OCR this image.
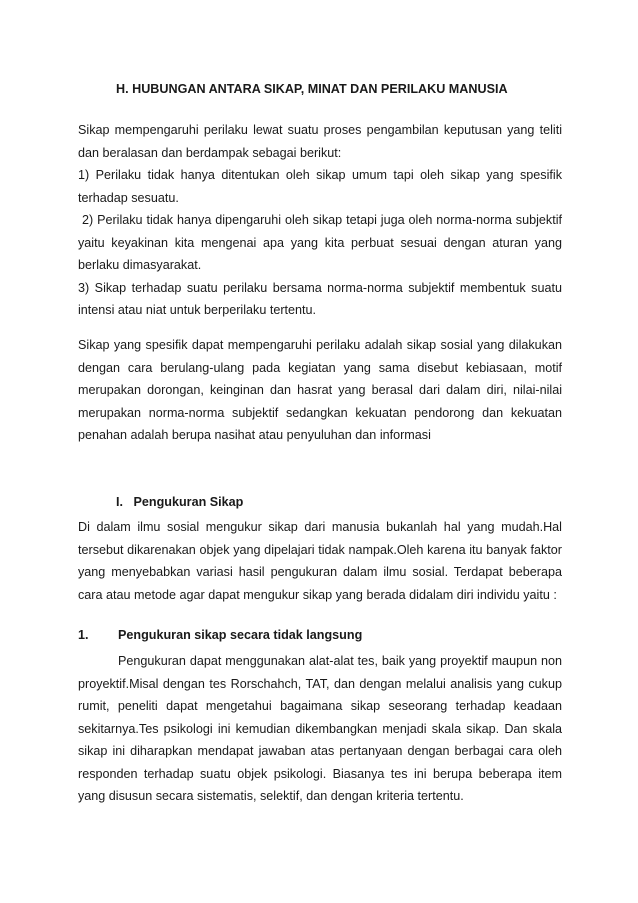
H. HUBUNGAN ANTARA SIKAP, MINAT DAN PERILAKU MANUSIA

Sikap mempengaruhi perilaku lewat suatu proses pengambilan keputusan yang teliti dan beralasan dan berdampak sebagai berikut:

1) Perilaku tidak hanya ditentukan oleh sikap umum tapi oleh sikap yang spesifik terhadap sesuatu.

2) Perilaku tidak hanya dipengaruhi oleh sikap tetapi juga oleh norma-norma subjektif yaitu keyakinan kita mengenai apa yang kita perbuat sesuai dengan aturan yang berlaku dimasyarakat.

3) Sikap terhadap suatu perilaku bersama norma-norma subjektif membentuk suatu intensi atau niat untuk berperilaku tertentu.

Sikap yang spesifik dapat mempengaruhi perilaku adalah sikap sosial yang dilakukan dengan cara berulang-ulang pada kegiatan yang sama disebut kebiasaan, motif merupakan dorongan, keinginan dan hasrat yang berasal dari dalam diri, nilai-nilai merupakan norma-norma subjektif sedangkan kekuatan pendorong dan kekuatan penahan adalah berupa nasihat atau penyuluhan dan informasi
I.   Pengukuran Sikap
Di dalam ilmu sosial mengukur sikap dari manusia bukanlah hal yang mudah.Hal tersebut dikarenakan objek yang dipelajari tidak nampak.Oleh karena itu banyak faktor yang menyebabkan variasi hasil pengukuran dalam ilmu sosial. Terdapat beberapa cara atau metode agar dapat mengukur sikap yang berada didalam diri individu yaitu :
1. Pengukuran sikap secara tidak langsung

Pengukuran dapat menggunakan alat-alat tes, baik yang proyektif maupun non proyektif.Misal dengan tes Rorschahch, TAT, dan dengan melalui analisis yang cukup rumit, peneliti dapat mengetahui bagaimana sikap seseorang terhadap keadaan sekitarnya.Tes psikologi ini kemudian dikembangkan menjadi skala sikap. Dan skala sikap ini diharapkan mendapat jawaban atas pertanyaan dengan berbagai cara oleh responden terhadap suatu objek psikologi. Biasanya tes ini berupa beberapa item yang disusun secara sistematis, selektif, dan dengan kriteria tertentu.
